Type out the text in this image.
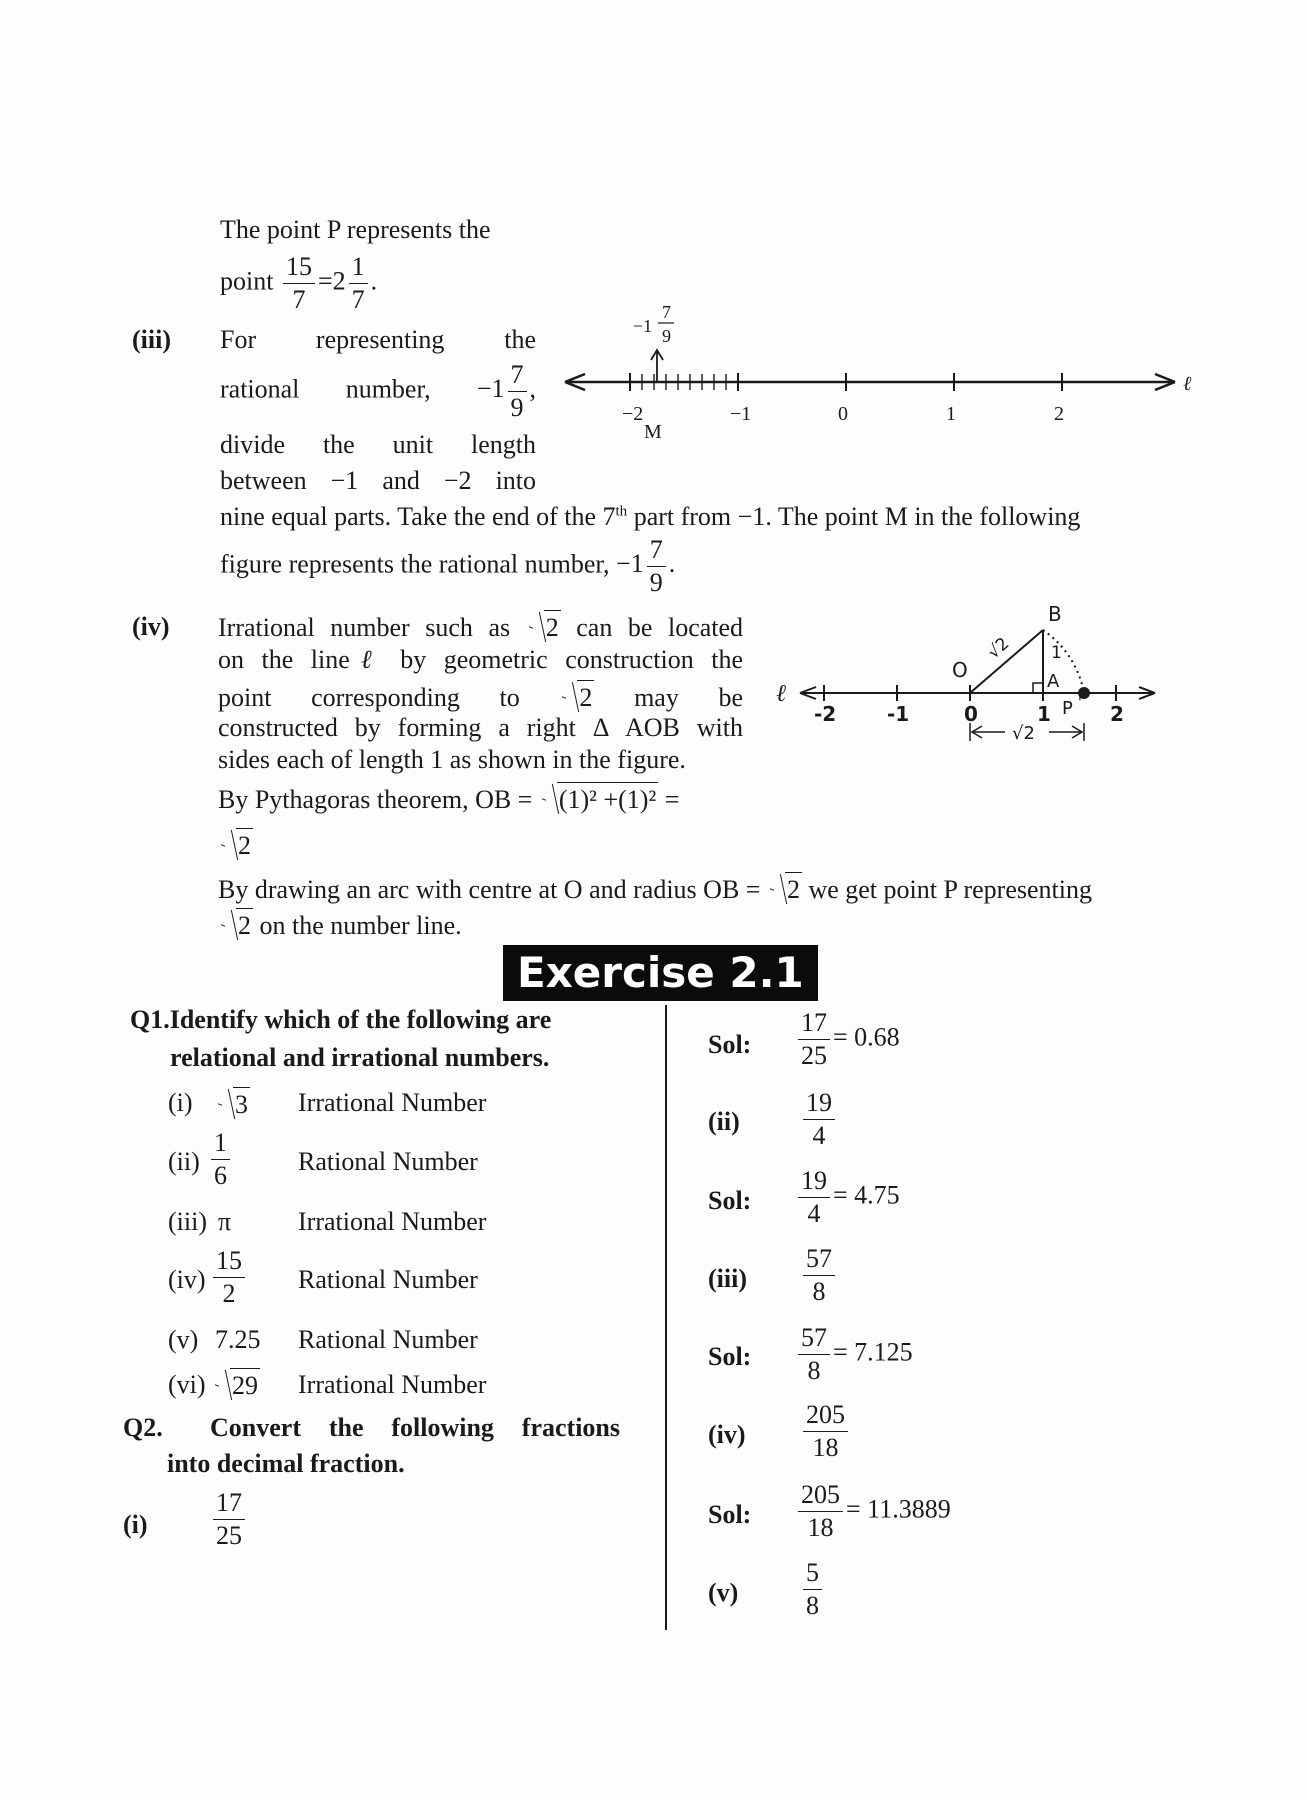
The point P represents the
point $\frac{15}{7} =2 \frac{1}{7}$ .
(iii) For representing the
rational number, $-1 \frac{7}{9}$ ,
divide the unit length
between −1 and −2 into
nine equal parts. Take the end of the 7th part from −1. The point M in the following
figure represents the rational number, $-1 \frac{7}{9}$ .
−2	−1	0	1	2
−1
7
9
M
ℓ
(iv) Irrational number such as 2 can be located
on the lineℓ by geometric construction the
point corresponding to 2 may be
constructed by forming a right Δ AOB with
sides each of length 1 as shown in the figure.
By Pythagoras theorem, OB = (1)² +(1)² =
2
By drawing an arc with centre at O and radius OB = 2 we get point P representing
2 on the number line.
-2	-1	0	1	2
B
O	A
1
P '
√2
ℓ
√2
Exercise 2.1
Q1.Identify which of the following are
relational and irrational numbers.
(i)	3 Irrational Number
$(ii) \frac{1}{6}$	Rational Number
(iii) π	Irrational Number
$(iv) \frac{15}{2}$ Rational Number
(v) 7.25 Rational Number
(vi)	29 Irrational Number
Q2. Convert the following fractions
into decimal fraction.
(i)	$\frac{17}{25}$
Sol: $\frac{17}{25} = 0.68$
$(ii) \frac{19}{4}$
Sol: $\frac{19}{4} = 4.75$
$(iii) \frac{57}{8}$
Sol: $\frac{57}{8} = 7.125$
$(iv) \frac{205}{18}$
Sol: $\frac{205}{18} = 11.3889$
$(v) \frac{5}{8}$
